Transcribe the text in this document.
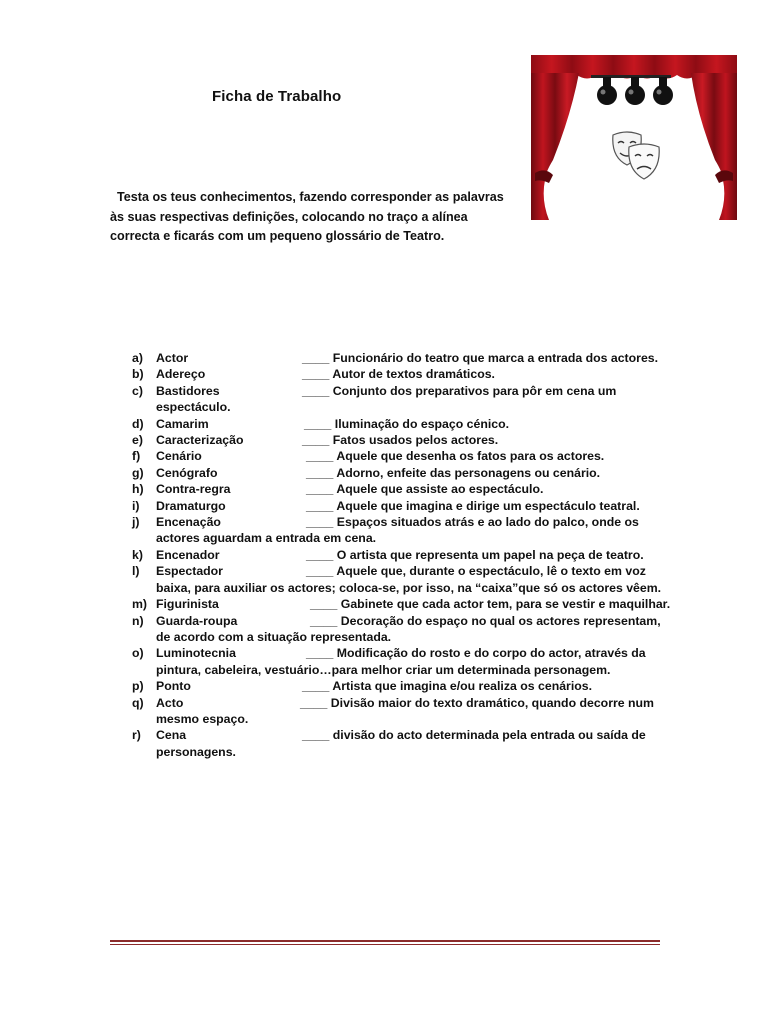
Ficha de Trabalho
Testa os teus conhecimentos, fazendo corresponder as palavras às suas respectivas definições, colocando no traço a alínea correcta e ficarás com um pequeno glossário de Teatro.
a) Actor	____ Funcionário do teatro que marca a entrada dos actores.
b) Adereço	____ Autor de textos dramáticos.
c) Bastidores	____ Conjunto dos preparativos para pôr em cena um espectáculo.
d) Camarim	____ Iluminação do espaço cénico.
e) Caracterização	____ Fatos usados pelos actores.
f) Cenário	____ Aquele que desenha os fatos para os actores.
g) Cenógrafo	____ Adorno, enfeite das personagens ou cenário.
h) Contra-regra	____ Aquele que assiste ao espectáculo.
i) Dramaturgo	____ Aquele que imagina e dirige um espectáculo teatral.
j) Encenação	____ Espaços situados atrás e ao lado do palco, onde os actores aguardam a entrada em cena.
k) Encenador	____ O artista que representa um papel na peça de teatro.
l) Espectador	____ Aquele que, durante o espectáculo, lê o texto em voz baixa, para auxiliar os actores; coloca-se, por isso, na “caixa”que só os actores vêem.
m) Figurinista	____ Gabinete que cada actor tem, para se vestir e maquilhar.
n) Guarda-roupa	____ Decoração do espaço no qual os actores representam, de acordo com a situação representada.
o) Luminotecnia	____ Modificação do rosto e do corpo do actor, através da pintura, cabeleira, vestuário…para melhor criar um determinada personagem.
p) Ponto	____ Artista que imagina e/ou realiza os cenários.
q) Acto	____ Divisão maior do texto dramático, quando decorre num mesmo espaço.
r) Cena	____ divisão do acto determinada pela entrada ou saída de personagens.
